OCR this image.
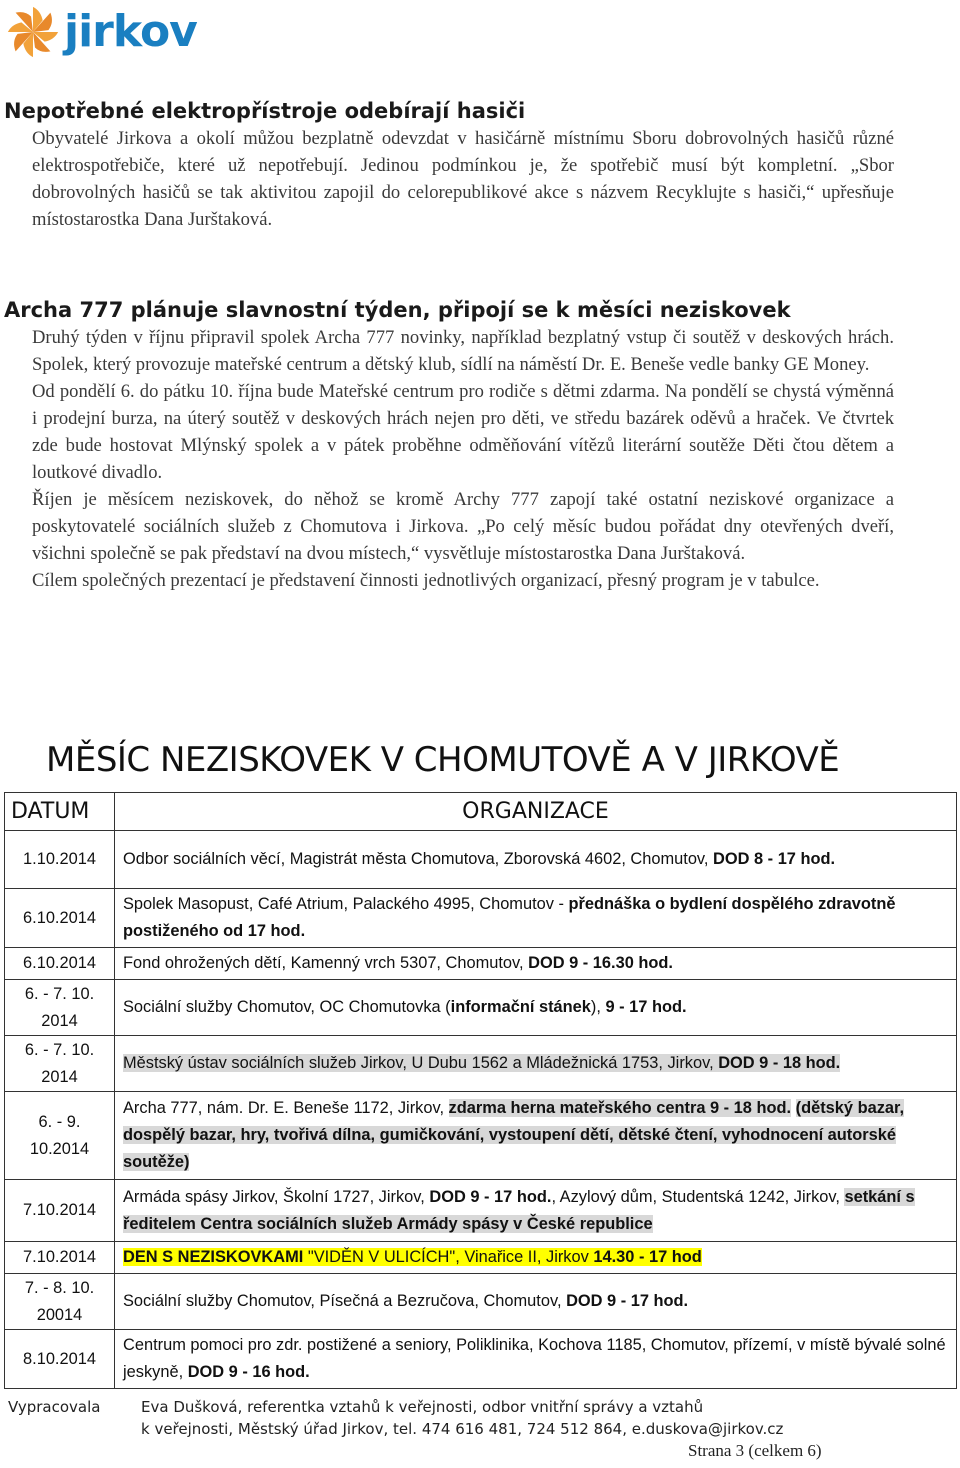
jirkov
Nepotřebné elektropřístroje odebírají hasiči

Obyvatelé Jirkova a okolí můžou bezplatně odevzdat v hasičárně místnímu Sboru dobrovolných hasičů různé elektrospotřebiče, které už nepotřebují. Jedinou podmínkou je, že spotřebič musí být kompletní. „Sbor dobrovolných hasičů se tak aktivitou zapojil do celorepublikové akce s názvem Recyklujte s hasiči,“ upřesňuje místostarostka Dana Jurštaková.

Archa 777 plánuje slavnostní týden, připojí se k měsíci neziskovek

Druhý týden v říjnu připravil spolek Archa 777 novinky, například bezplatný vstup či soutěž v deskových hrách. Spolek, který provozuje mateřské centrum a dětský klub, sídlí na náměstí Dr. E. Beneše vedle banky GE Money.

Od pondělí 6. do pátku 10. října bude Mateřské centrum pro rodiče s dětmi zdarma. Na pondělí se chystá výměnná i prodejní burza, na úterý soutěž v deskových hrách nejen pro děti, ve středu bazárek oděvů a hraček. Ve čtvrtek zde bude hostovat Mlýnský spolek a v pátek proběhne odměňování vítězů literární soutěže Děti čtou dětem a loutkové divadlo.

Říjen je měsícem neziskovek, do něhož se kromě Archy 777 zapojí také ostatní neziskové organizace a poskytovatelé sociálních služeb z Chomutova i Jirkova. „Po celý měsíc budou pořádat dny otevřených dveří, všichni společně se pak představí na dvou místech,“ vysvětluje místostarostka Dana Jurštaková.

Cílem společných prezentací je představení činnosti jednotlivých organizací, přesný program je v tabulce.

MĚSÍC NEZISKOVEK V CHOMUTOVĚ A V JIRKOVĚ
DATUM	ORGANIZACE
1.10.2014	Odbor sociálních věcí, Magistrát města Chomutova, Zborovská 4602, Chomutov, DOD 8 - 17 hod.
6.10.2014	Spolek Masopust, Café Atrium, Palackého 4995, Chomutov - přednáška o bydlení dospělého zdravotně postiženého od 17 hod.
6.10.2014	Fond ohrožených dětí, Kamenný vrch 5307, Chomutov, DOD 9 - 16.30 hod.
6. - 7. 10. 2014	Sociální služby Chomutov, OC Chomutovka (informační stánek), 9 - 17 hod.
6. - 7. 10. 2014	Městský ústav sociálních služeb Jirkov, U Dubu 1562 a Mládežnická 1753, Jirkov, DOD 9 - 18 hod.
6. - 9. 10.2014	Archa 777, nám. Dr. E. Beneše 1172, Jirkov, zdarma herna mateřského centra 9 - 18 hod. (dětský bazar, dospělý bazar, hry, tvořivá dílna, gumičkování, vystoupení dětí, dětské čtení, vyhodnocení autorské soutěže)
7.10.2014	Armáda spásy Jirkov, Školní 1727, Jirkov, DOD 9 - 17 hod., Azylový dům, Studentská 1242, Jirkov, setkání s ředitelem Centra sociálních služeb Armády spásy v České republice
7.10.2014	DEN S NEZISKOVKAMI "VIDĚN V ULICÍCH", Vinařice II, Jirkov 14.30 - 17 hod
7. - 8. 10. 20014	Sociální služby Chomutov, Písečná a Bezručova, Chomutov, DOD 9 - 17 hod.
8.10.2014	Centrum pomoci pro zdr. postižené a seniory, Poliklinika, Kochova 1185, Chomutov, přízemí, v místě bývalé solné jeskyně, DOD 9 - 16 hod.
Vypracovala	Eva Dušková, referentka vztahů k veřejnosti, odbor vnitřní správy a vztahů
k veřejnosti, Městský úřad Jirkov, tel. 474 616 481, 724 512 864, e.duskova@jirkov.cz
Strana 3 (celkem 6)
